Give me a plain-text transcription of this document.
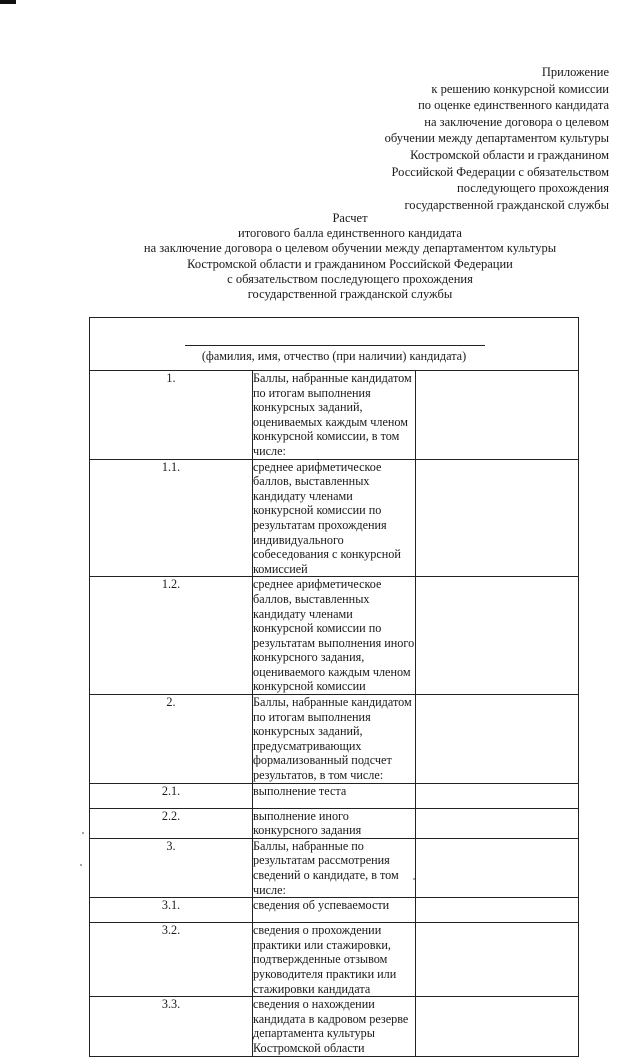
Приложение
к решению конкурсной комиссии
по оценке единственного кандидата
на заключение договора о целевом
обучении между департаментом культуры
Костромской области и гражданином
Российской Федерации с обязательством
последующего прохождения
государственной гражданской службы
Расчет
итогового балла единственного кандидата
на заключение договора о целевом обучении между департаментом культуры
Костромской области и гражданином Российской Федерации
с обязательством последующего прохождения
государственной гражданской службы
(фамилия, имя, отчество (при наличии) кандидата)		

1.	Баллы, набранные кандидатом по итогам выполнения конкурсных заданий, оцениваемых каждым членом конкурсной комиссии, в том числе:	
1.1.	среднее арифметическое баллов, выставленных кандидату членами конкурсной комиссии по результатам прохождения индивидуального собеседования с конкурсной комиссией	
1.2.	среднее арифметическое баллов, выставленных кандидату членами конкурсной комиссии по результатам выполнения иного конкурсного задания, оцениваемого каждым членом конкурсной комиссии	
2.	Баллы, набранные кандидатом по итогам выполнения конкурсных заданий, предусматривающих формализованный подсчет результатов, в том числе:	
2.1.	выполнение теста	
2.2.	выполнение иного конкурсного задания	
3.	Баллы, набранные по результатам рассмотрения сведений о кандидате, в том числе:	
3.1.	сведения об успеваемости	
3.2.	сведения о прохождении практики или стажировки, подтвержденные отзывом руководителя практики или стажировки кандидата	
3.3.	сведения о нахождении кандидата в кадровом резерве департамента культуры Костромской области	
